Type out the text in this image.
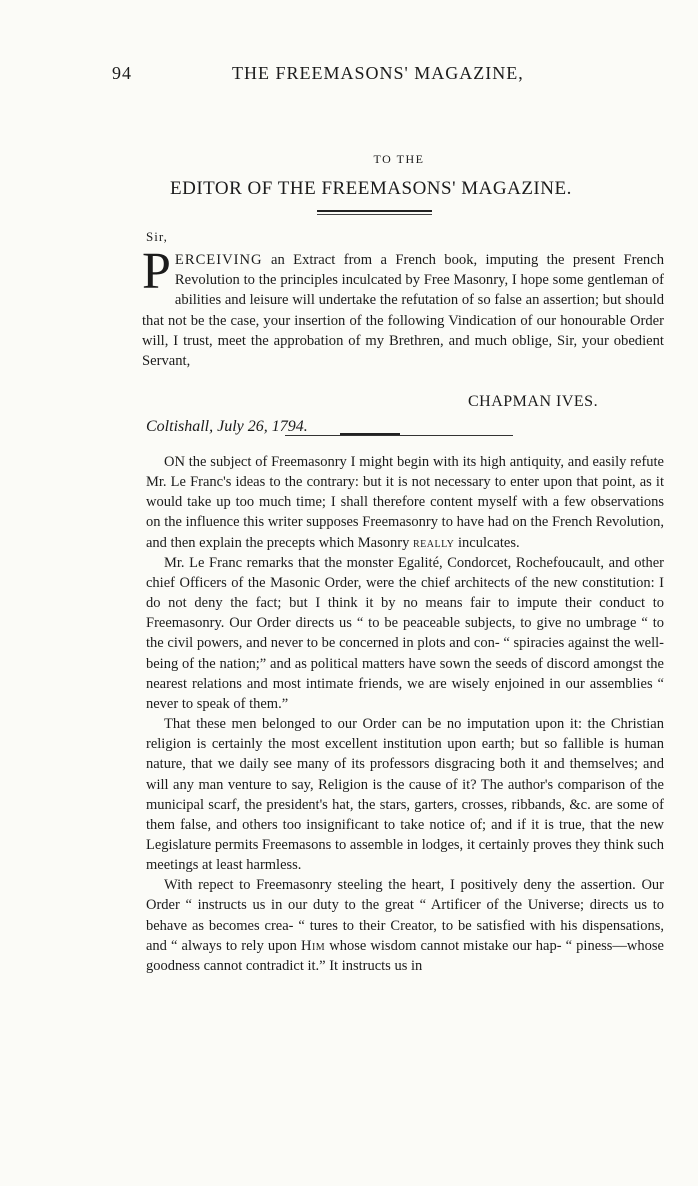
94	THE FREEMASONS' MAGAZINE,
TO THE
EDITOR OF THE FREEMASONS' MAGAZINE.
Sir,
PERCEIVING an Extract from a French book, imputing the present French Revolution to the principles inculcated by Free Masonry, I hope some gentleman of abilities and leisure will undertake the refutation of so false an assertion; but should that not be the case, your insertion of the following Vindication of our honourable Order will, I trust, meet the approbation of my Brethren, and much oblige, Sir, your obedient Servant,
CHAPMAN IVES.
Coltishall, July 26, 1794.

ON the subject of Freemasonry I might begin with its high antiquity, and easily refute Mr. Le Franc's ideas to the contrary: but it is not necessary to enter upon that point, as it would take up too much time; I shall therefore content myself with a few observations on the influence this writer supposes Freemasonry to have had on the French Revolution, and then explain the precepts which Masonry really inculcates.

Mr. Le Franc remarks that the monster Egalité, Condorcet, Rochefoucault, and other chief Officers of the Masonic Order, were the chief architects of the new constitution: I do not deny the fact; but I think it by no means fair to impute their conduct to Freemasonry. Our Order directs us “ to be peaceable subjects, to give no umbrage “ to the civil powers, and never to be concerned in plots and con- “ spiracies against the well-being of the nation;” and as political matters have sown the seeds of discord amongst the nearest relations and most intimate friends, we are wisely enjoined in our assemblies “ never to speak of them.”

That these men belonged to our Order can be no imputation upon it: the Christian religion is certainly the most excellent institution upon earth; but so fallible is human nature, that we daily see many of its professors disgracing both it and themselves; and will any man venture to say, Religion is the cause of it? The author's comparison of the municipal scarf, the president's hat, the stars, garters, crosses, ribbands, &c. are some of them false, and others too insignificant to take notice of; and if it is true, that the new Legislature permits Freemasons to assemble in lodges, it certainly proves they think such meetings at least harmless.

With repect to Freemasonry steeling the heart, I positively deny the assertion. Our Order “ instructs us in our duty to the great “ Artificer of the Universe; directs us to behave as becomes crea- “ tures to their Creator, to be satisfied with his dispensations, and “ always to rely upon Him whose wisdom cannot mistake our hap- “ piness—whose goodness cannot contradict it.” It instructs us in
